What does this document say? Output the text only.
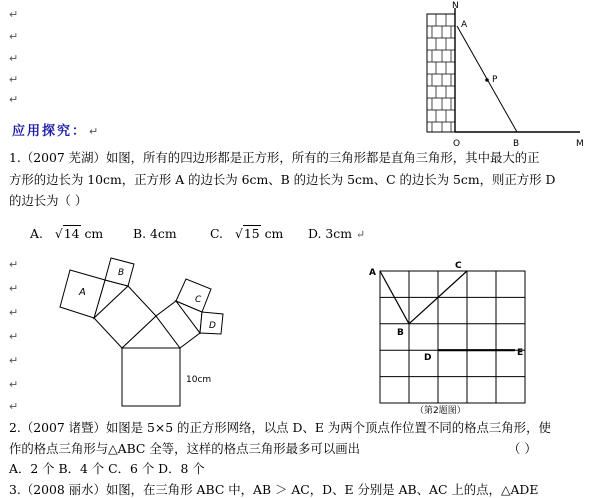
↵
↵
↵
↵
↵
N
A
P
O	B	M
应用探究： ↵
1.（2007 芜湖）如图，所有的四边形都是正方形，所有的三角形都是直角三角形，其中最大的正
方形的边长为 10cm，正方形 A 的边长为 6cm、B 的边长为 5cm、C 的边长为 5cm，则正方形 D
的边长为（ ）
A. √14 cm B. 4cm	C. √15 cm D. 3cm ↵
↵
↵
↵
↵
↵
↵
↵
A
B
C
D
10cm
A
C
B
D	E
（第2题图）
2.（2007 诸暨）如图是 5×5 的正方形网络，以点 D、E 为两个顶点作位置不同的格点三角形，使
作的格点三角形与△ABC 全等，这样的格点三角形最多可以画出	（ ）
A．2 个 B．4 个 C．6 个 D．8 个
3.（2008 丽水）如图，在三角形 ABC 中，AB ＞ AC，D、E 分别是 AB、AC 上的点，△ADE
